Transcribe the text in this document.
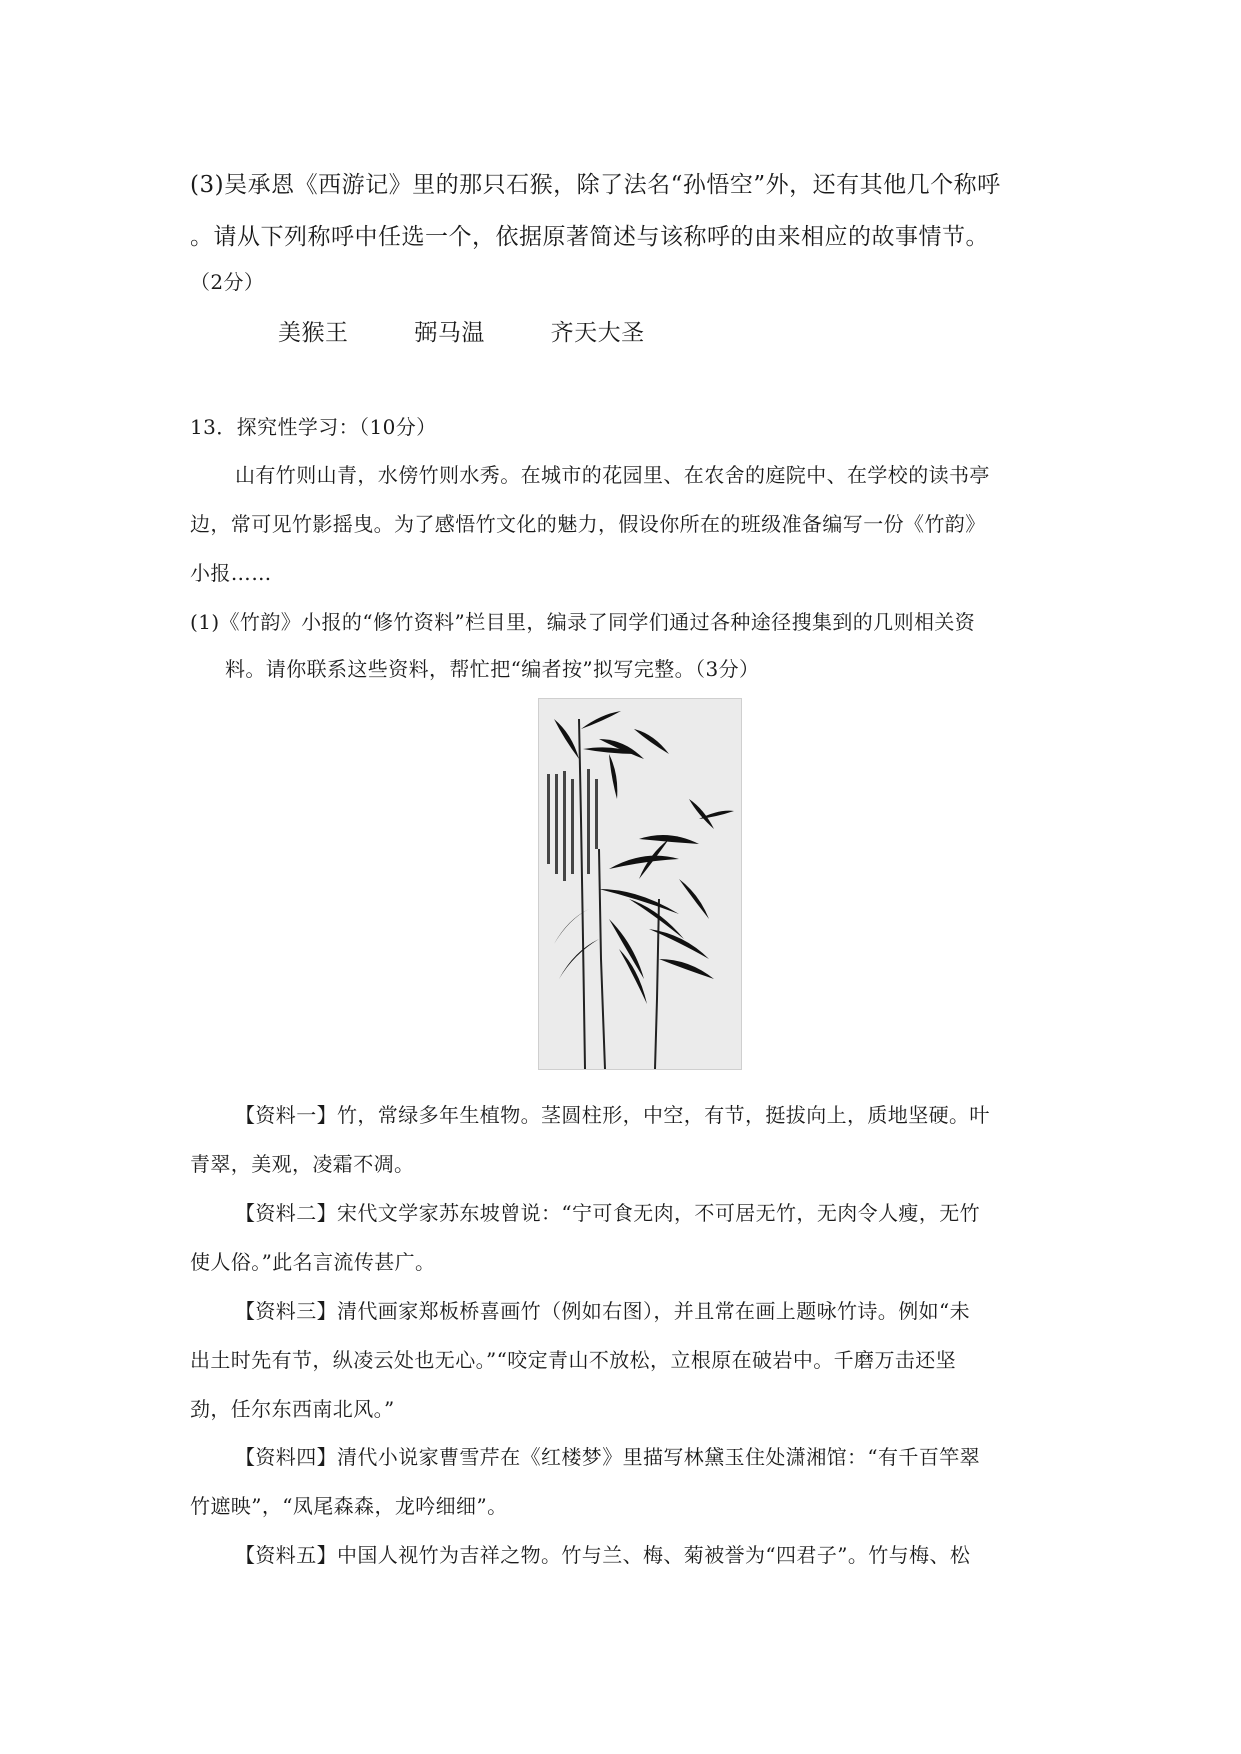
(3)吴承恩《西游记》里的那只石猴，除了法名“孙悟空”外，还有其他几个称呼
。请从下列称呼中任选一个，依据原著简述与该称呼的由来相应的故事情节。
（2分）
美猴王	弼马温	齐天大圣
13．探究性学习：（10分）
山有竹则山青，水傍竹则水秀。在城市的花园里、在农舍的庭院中、在学校的读书亭
边，常可见竹影摇曳。为了感悟竹文化的魅力，假设你所在的班级准备编写一份《竹韵》
小报……
(1)《竹韵》小报的“修竹资料”栏目里，编录了同学们通过各种途径搜集到的几则相关资
料。请你联系这些资料，帮忙把“编者按”拟写完整。（3分）
【资料一】竹，常绿多年生植物。茎圆柱形，中空，有节，挺拔向上，质地坚硬。叶
青翠，美观，凌霜不凋。
【资料二】宋代文学家苏东坡曾说：“宁可食无肉，不可居无竹，无肉令人瘦，无竹
使人俗。”此名言流传甚广。
【资料三】清代画家郑板桥喜画竹（例如右图），并且常在画上题咏竹诗。例如“未
出土时先有节，纵凌云处也无心。”“咬定青山不放松，立根原在破岩中。千磨万击还坚
劲，任尔东西南北风。”
【资料四】清代小说家曹雪芹在《红楼梦》里描写林黛玉住处潇湘馆：“有千百竿翠
竹遮映”，“凤尾森森，龙吟细细”。
【资料五】中国人视竹为吉祥之物。竹与兰、梅、菊被誉为“四君子”。竹与梅、松
